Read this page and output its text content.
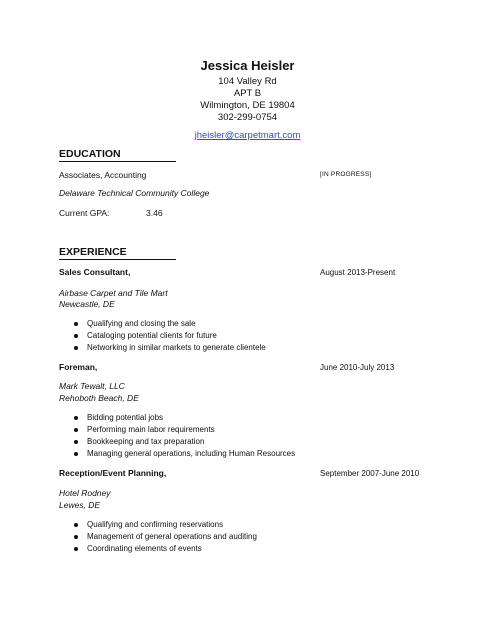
Jessica Heisler
104 Valley Rd
APT B
Wilmington, DE 19804
302-299-0754
jheisler@carpetmart.com
EDUCATION
Associates, Accounting	[IN PROGRESS]
Delaware Technical Community College
Current GPA:	3.46
EXPERIENCE
Sales Consultant,	August 2013-Present
Airbase Carpet and Tile Mart
Newcastle, DE
Qualifying and closing the sale
Cataloging potential clients for future
Networking in similar markets to generate clientele
Foreman,	June 2010-July 2013
Mark Tewalt, LLC
Rehoboth Beach, DE
Bidding potential jobs
Performing main labor requirements
Bookkeeping and tax preparation
Managing general operations, including Human Resources
Reception/Event Planning,	September 2007-June 2010
Hotel Rodney
Lewes, DE
Qualifying and confirming reservations
Management of general operations and auditing
Coordinating elements of events
